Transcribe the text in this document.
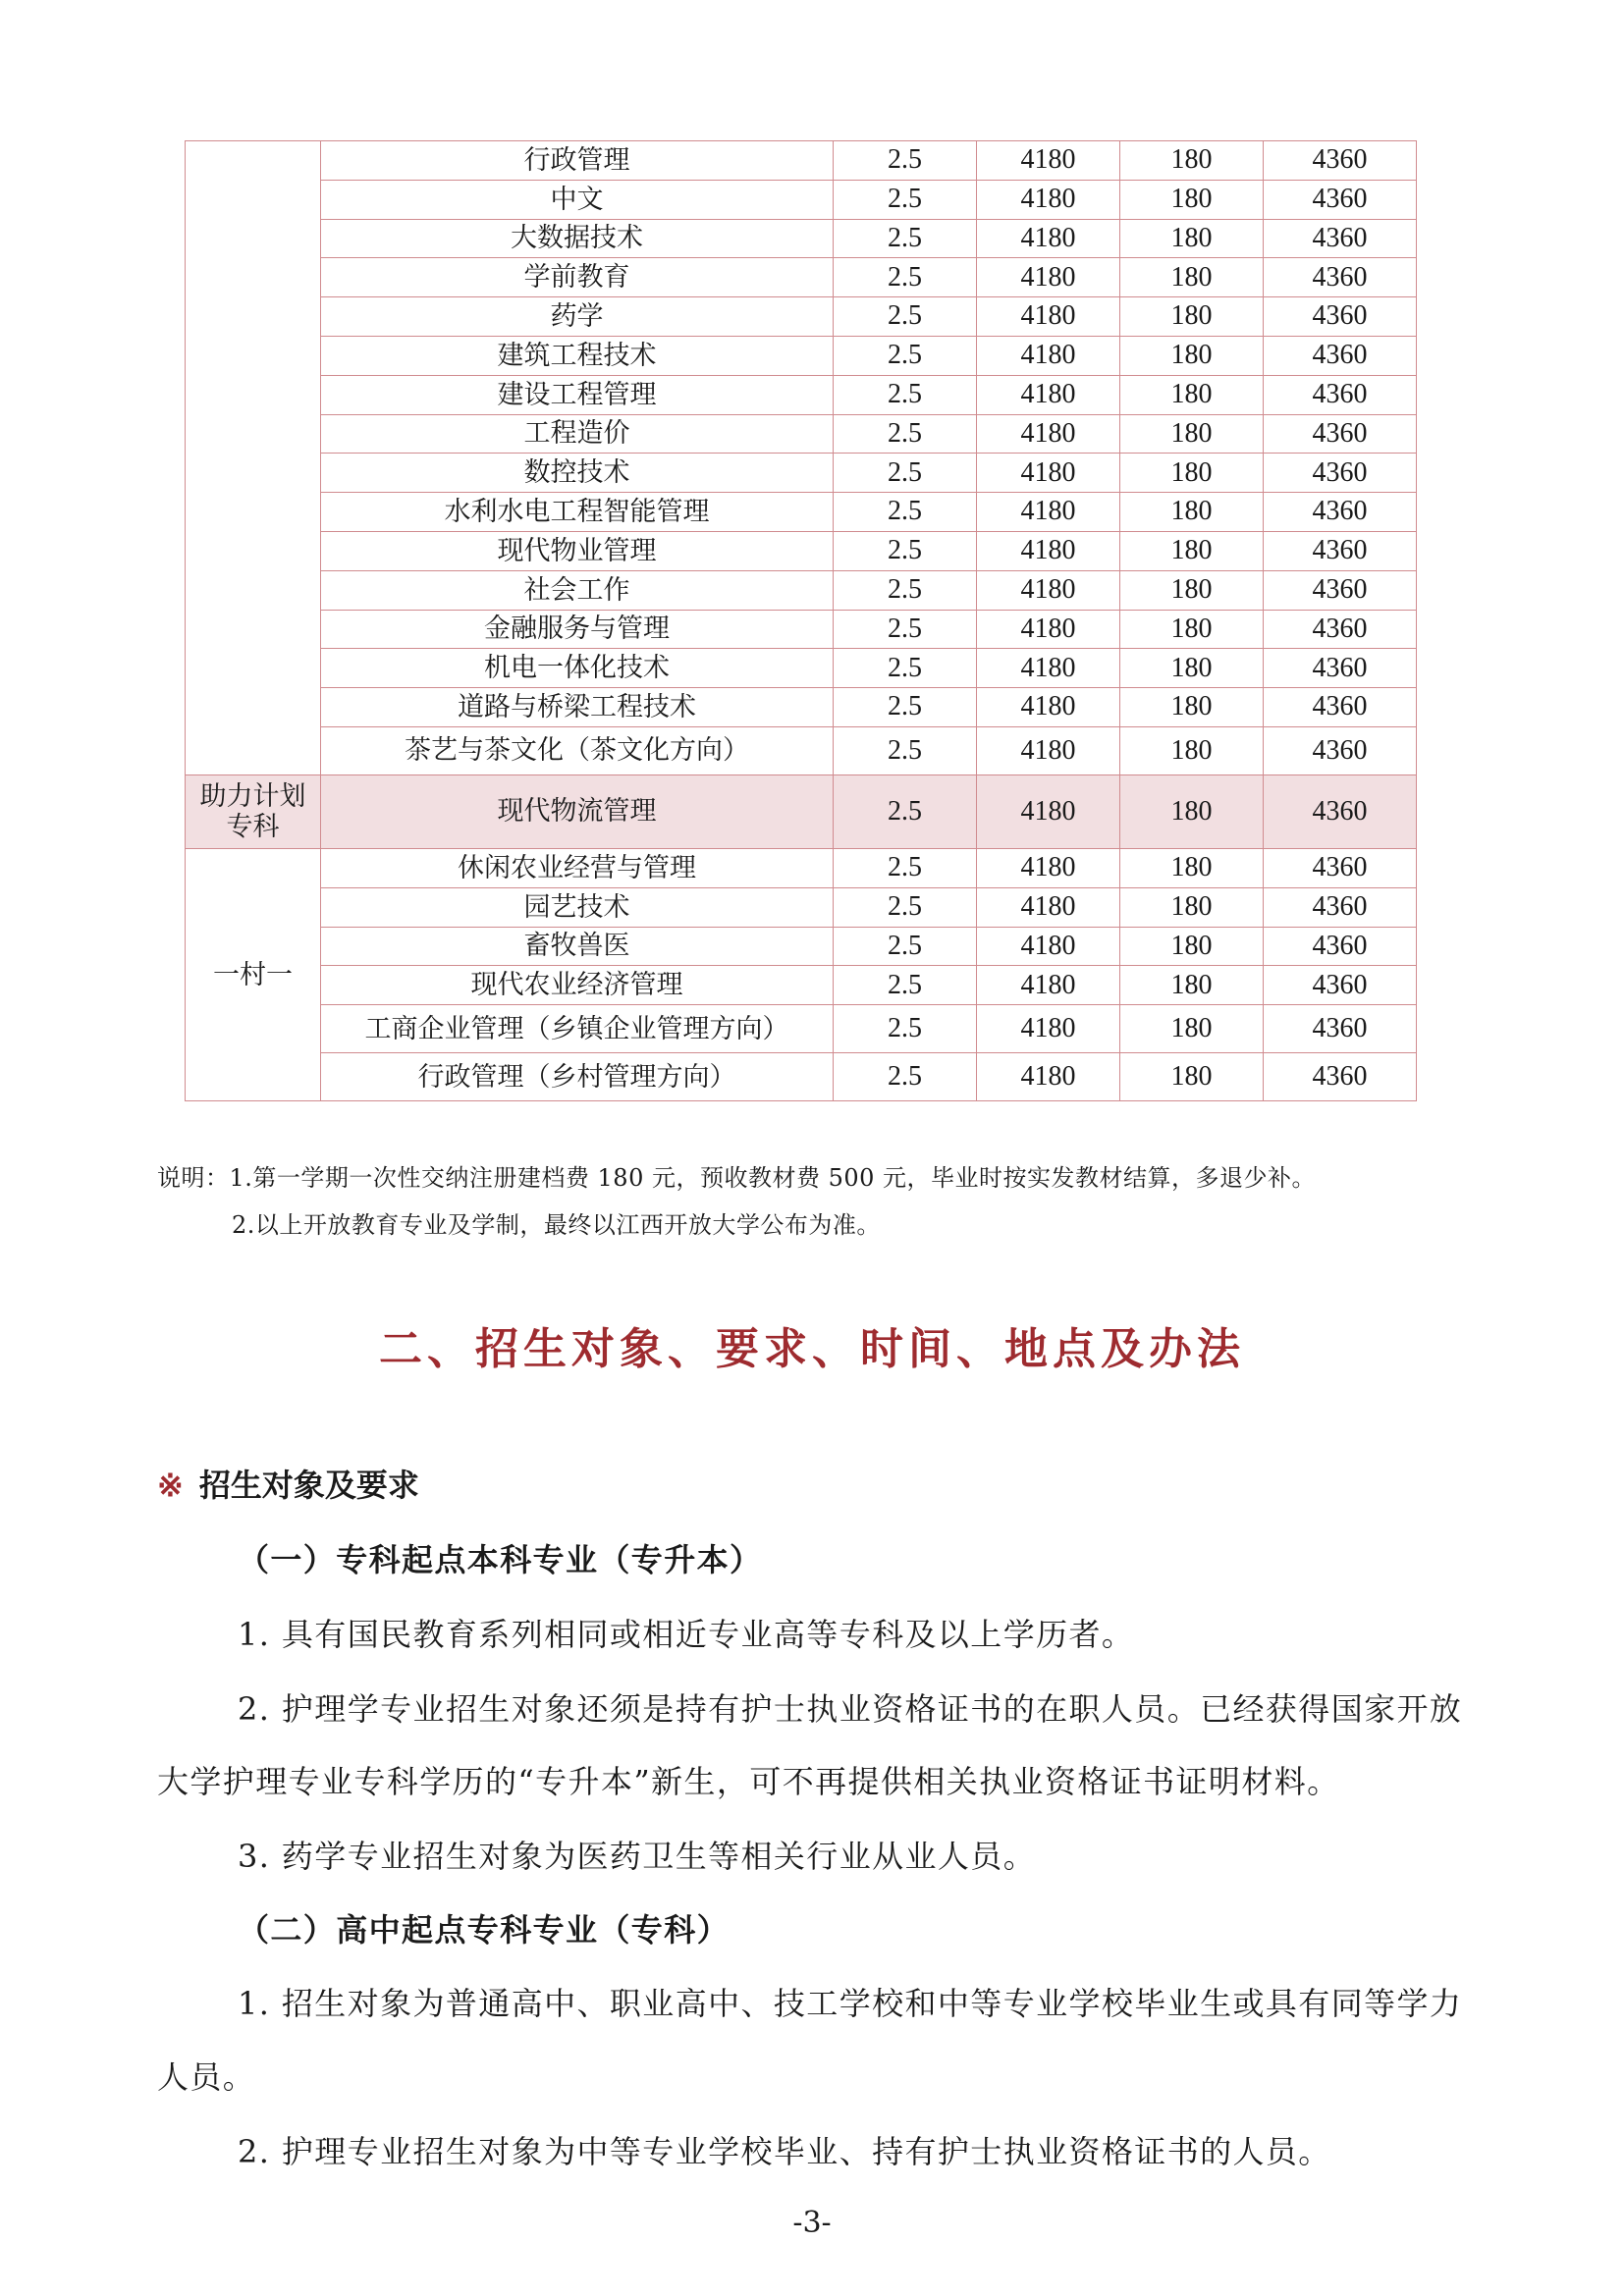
	行政管理	2.5	4180	180	4360
	中文	2.5	4180	180	4360
	大数据技术	2.5	4180	180	4360
	学前教育	2.5	4180	180	4360
	药学	2.5	4180	180	4360
	建筑工程技术	2.5	4180	180	4360
	建设工程管理	2.5	4180	180	4360
	工程造价	2.5	4180	180	4360
	数控技术	2.5	4180	180	4360
	水利水电工程智能管理	2.5	4180	180	4360
	现代物业管理	2.5	4180	180	4360
	社会工作	2.5	4180	180	4360
	金融服务与管理	2.5	4180	180	4360
	机电一体化技术	2.5	4180	180	4360
	道路与桥梁工程技术	2.5	4180	180	4360
	茶艺与茶文化（茶文化方向）	2.5	4180	180	4360
助力计划专科	现代物流管理	2.5	4180	180	4360
一村一	休闲农业经营与管理	2.5	4180	180	4360
	园艺技术	2.5	4180	180	4360
	畜牧兽医	2.5	4180	180	4360
	现代农业经济管理	2.5	4180	180	4360
	工商企业管理（乡镇企业管理方向）	2.5	4180	180	4360
	行政管理（乡村管理方向）	2.5	4180	180	4360
说明：1.第一学期一次性交纳注册建档费 180 元，预收教材费 500 元，毕业时按实发教材结算，多退少补。
2.以上开放教育专业及学制，最终以江西开放大学公布为准。
二、招生对象、要求、时间、地点及办法
※ 招生对象及要求
（一）专科起点本科专业（专升本）
1. 具有国民教育系列相同或相近专业高等专科及以上学历者。
2. 护理学专业招生对象还须是持有护士执业资格证书的在职人员。已经获得国家开放
大学护理专业专科学历的“专升本”新生，可不再提供相关执业资格证书证明材料。
3. 药学专业招生对象为医药卫生等相关行业从业人员。
（二）高中起点专科专业（专科）
1. 招生对象为普通高中、职业高中、技工学校和中等专业学校毕业生或具有同等学力
人员。
2. 护理专业招生对象为中等专业学校毕业、持有护士执业资格证书的人员。
-3-
